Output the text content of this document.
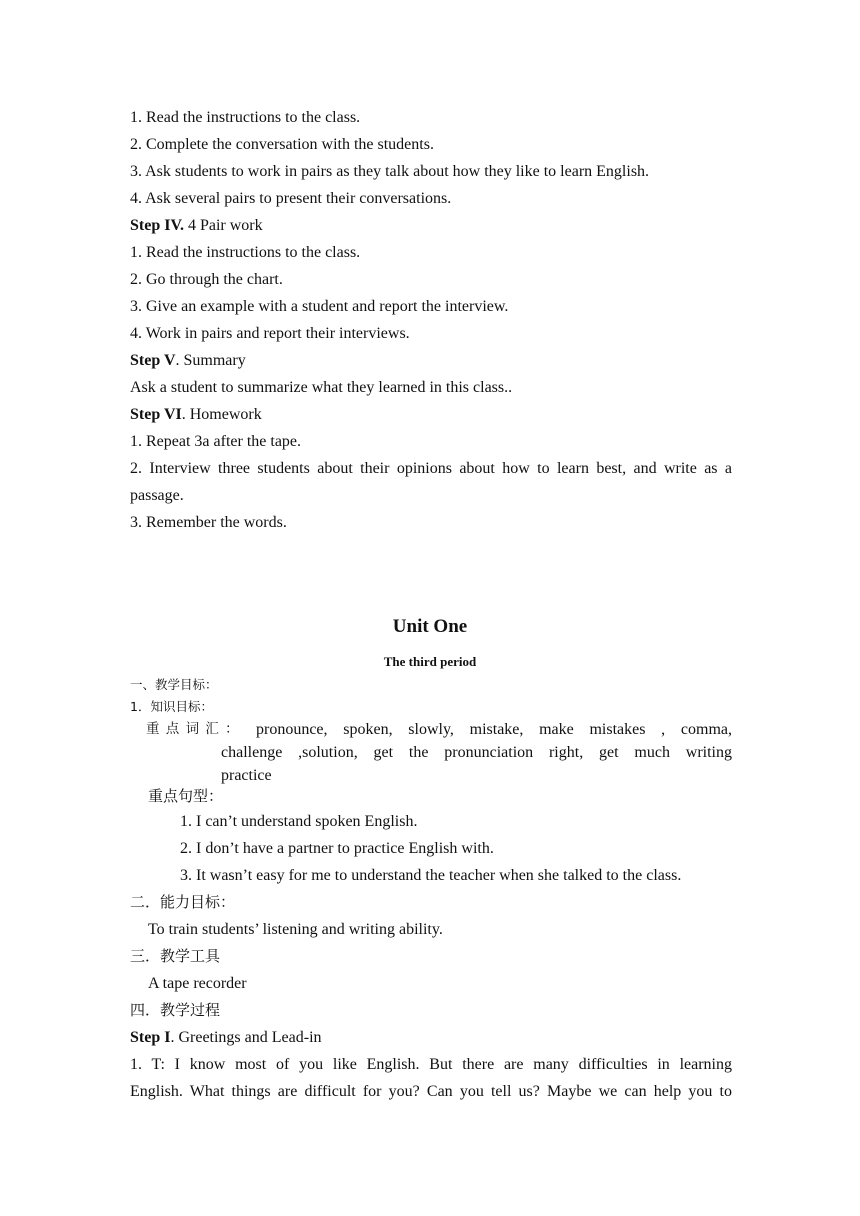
1. Read the instructions to the class.
2. Complete the conversation with the students.
3. Ask students to work in pairs as they talk about how they like to learn English.
4. Ask several pairs to present their conversations.
Step IV. 4 Pair work
1. Read the instructions to the class.
2. Go through the chart.
3. Give an example with a student and report the interview.
4. Work in pairs and report their interviews.
Step V. Summary
Ask a student to summarize what they learned in this class..
Step VI. Homework
1. Repeat 3a after the tape.
2. Interview three students about their opinions about how to learn best, and write as a
passage.
3. Remember the words.
Unit One
The third period
一、教学目标：
1．知识目标：
重 点 词 汇 ： pronounce, spoken, slowly, mistake, make mistakes , comma,
challenge ,solution, get the pronunciation right, get much writing
practice
重点句型：
1. I can’t understand spoken English.
2. I don’t have a partner to practice English with.
3. It wasn’t easy for me to understand the teacher when she talked to the class.
二．能力目标：
To train students’ listening and writing ability.
三．教学工具
A tape recorder
四．教学过程
Step I. Greetings and Lead-in
1. T: I know most of you like English. But there are many difficulties in learning
English. What things are difficult for you? Can you tell us? Maybe we can help you to
